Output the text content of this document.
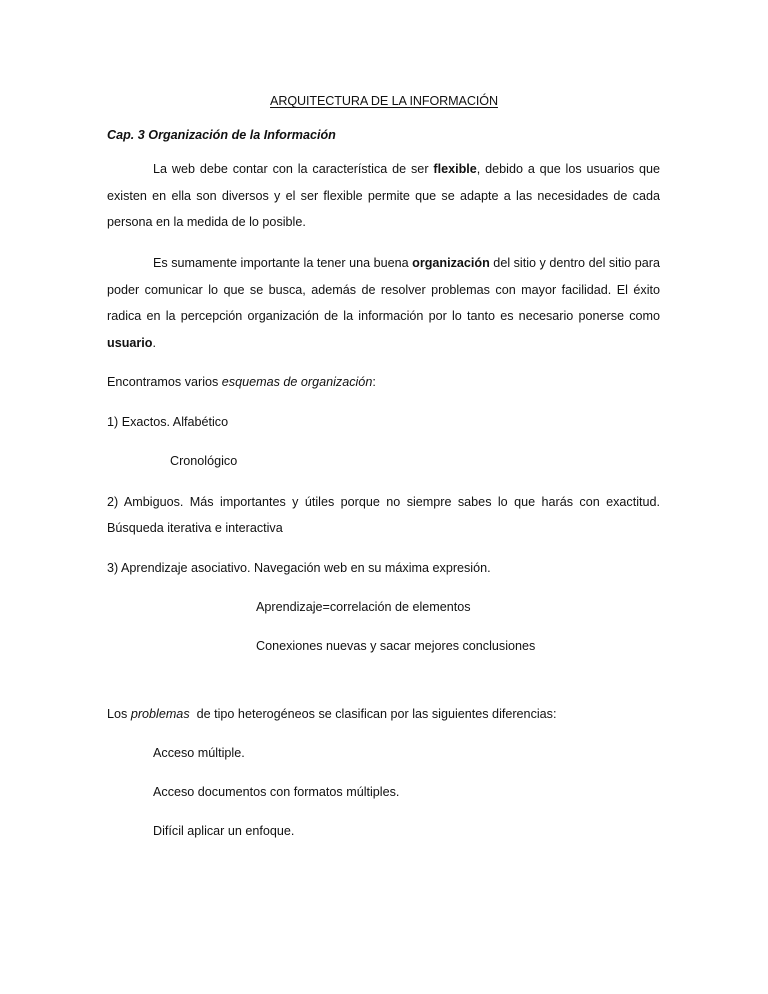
ARQUITECTURA DE LA INFORMACIÓN
Cap. 3 Organización de la Información

La web debe contar con la característica de ser flexible, debido a que los usuarios que existen en ella son diversos y el ser flexible permite que se adapte a las necesidades de cada persona en la medida de lo posible.

Es sumamente importante la tener una buena organización del sitio y dentro del sitio para poder comunicar lo que se busca, además de resolver problemas con mayor facilidad. El éxito radica en la percepción organización de la información por lo tanto es necesario ponerse como usuario.

Encontramos varios esquemas de organización:
1) Exactos. Alfabético
Cronológico
2) Ambiguos. Más importantes y útiles porque no siempre sabes lo que harás con exactitud.
Búsqueda iterativa e interactiva
3) Aprendizaje asociativo. Navegación web en su máxima expresión.
Aprendizaje=correlación de elementos
Conexiones nuevas y sacar mejores conclusiones
Los problemas  de tipo heterogéneos se clasifican por las siguientes diferencias:
Acceso múltiple.
Acceso documentos con formatos múltiples.
Difícil aplicar un enfoque.
